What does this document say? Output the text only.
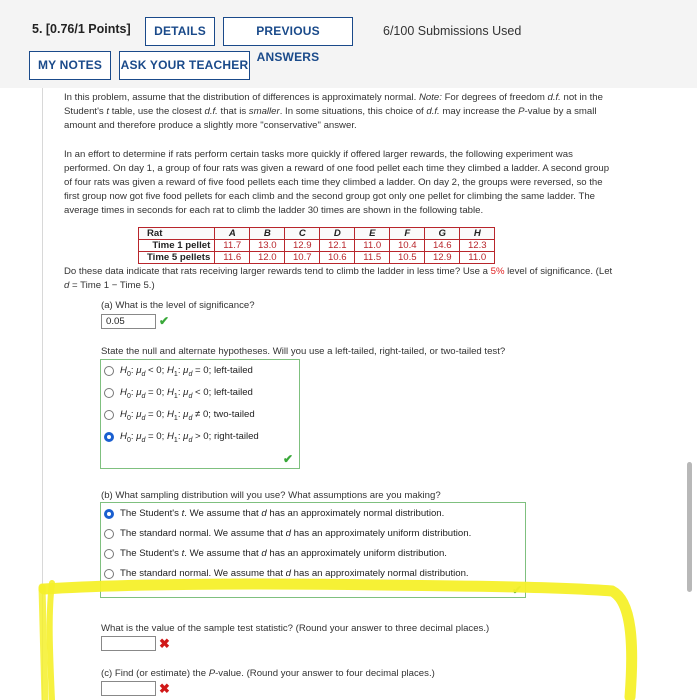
5. [0.76/1 Points]	DETAILS	PREVIOUS ANSWERS
6/100 Submissions Used
MY NOTES	ASK YOUR TEACHER
In this problem, assume that the distribution of differences is approximately normal. Note: For degrees of freedom d.f. not in the
Student's t table, use the closest d.f. that is smaller. In some situations, this choice of d.f. may increase the P-value by a small
amount and therefore produce a slightly more "conservative" answer.
In an effort to determine if rats perform certain tasks more quickly if offered larger rewards, the following experiment was
performed. On day 1, a group of four rats was given a reward of one food pellet each time they climbed a ladder. A second group
of four rats was given a reward of five food pellets each time they climbed a ladder. On day 2, the groups were reversed, so the
first group now got five food pellets for each climb and the second group got only one pellet for climbing the same ladder. The
average times in seconds for each rat to climb the ladder 30 times are shown in the following table.
Rat	A	B	C	D	E	F	G	H
Time 1 pellet	11.7	13.0	12.9	12.1	11.0	10.4	14.6	12.3
Time 5 pellets	11.6	12.0	10.7	10.6	11.5	10.5	12.9	11.0
Do these data indicate that rats receiving larger rewards tend to climb the ladder in less time? Use a 5% level of significance. (Let
d = Time 1 − Time 5.)
(a) What is the level of significance?
0.05	✔
State the null and alternate hypotheses. Will you use a left-tailed, right-tailed, or two-tailed test?
$H_0$: $\mu_d < 0$; $H_1$: $\mu_d = 0$; left-tailed
$H_0$: $\mu_d = 0$; $H_1$: $\mu_d < 0$; left-tailed
$H_0$: $\mu_d = 0$; $H_1$: $\mu_d \ne 0$; two-tailed
$H_0$: $\mu_d = 0$; $H_1$: $\mu_d > 0$; right-tailed
✔
(b) What sampling distribution will you use? What assumptions are you making?
The Student's t. We assume that d has an approximately normal distribution.
The standard normal. We assume that d has an approximately uniform distribution.
The Student's t. We assume that d has an approximately uniform distribution.
The standard normal. We assume that d has an approximately normal distribution.
✔
What is the value of the sample test statistic? (Round your answer to three decimal places.)
✖
(c) Find (or estimate) the P-value. (Round your answer to four decimal places.)
✖
